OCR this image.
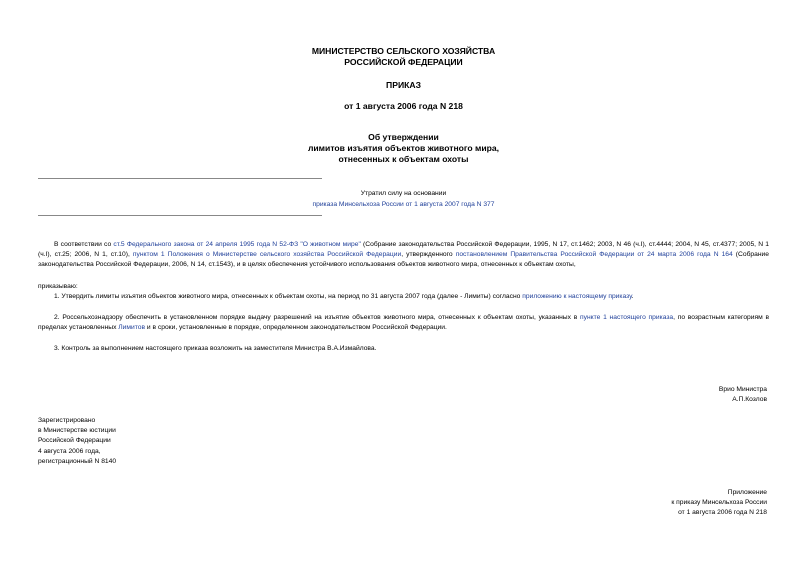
МИНИСТЕРСТВО СЕЛЬСКОГО ХОЗЯЙСТВА
РОССИЙСКОЙ ФЕДЕРАЦИИ
ПРИКАЗ
от 1 августа 2006 года N 218
Об утверждении
лимитов изъятия объектов животного мира,
отнесенных к объектам охоты
Утратил силу на основании
приказа Минсельхоза России от 1 августа 2007 года N 377
В соответствии со ст.5 Федерального закона от 24 апреля 1995 года N 52-ФЗ "О животном мире" (Собрание законодательства Российской Федерации, 1995, N 17, ст.1462; 2003, N 46 (ч.I), ст.4444; 2004, N 45, ст.4377; 2005, N 1 (ч.I), ст.25; 2006, N 1, ст.10), пунктом 1 Положения о Министерстве сельского хозяйства Российской Федерации, утвержденного постановлением Правительства Российской Федерации от 24 марта 2006 года N 164 (Собрание законодательства Российской Федерации, 2006, N 14, ст.1543), и в целях обеспечения устойчивого использования объектов животного мира, отнесенных к объектам охоты,
приказываю:
1. Утвердить лимиты изъятия объектов животного мира, отнесенных к объектам охоты, на период по 31 августа 2007 года (далее - Лимиты) согласно приложению к настоящему приказу.
2. Россельхознадзору обеспечить в установленном порядке выдачу разрешений на изъятие объектов животного мира, отнесенных к объектам охоты, указанных в пункте 1 настоящего приказа, по возрастным категориям в пределах установленных Лимитов и в сроки, установленные в порядке, определенном законодательством Российской Федерации.
3. Контроль за выполнением настоящего приказа возложить на заместителя Министра В.А.Измайлова.
Врио Министра
А.П.Козлов
Зарегистрировано
в Министерстве юстиции
Российской Федерации
4 августа 2006 года,
регистрационный N 8140
Приложение
к приказу Минсельхоза России
от 1 августа 2006 года N 218
